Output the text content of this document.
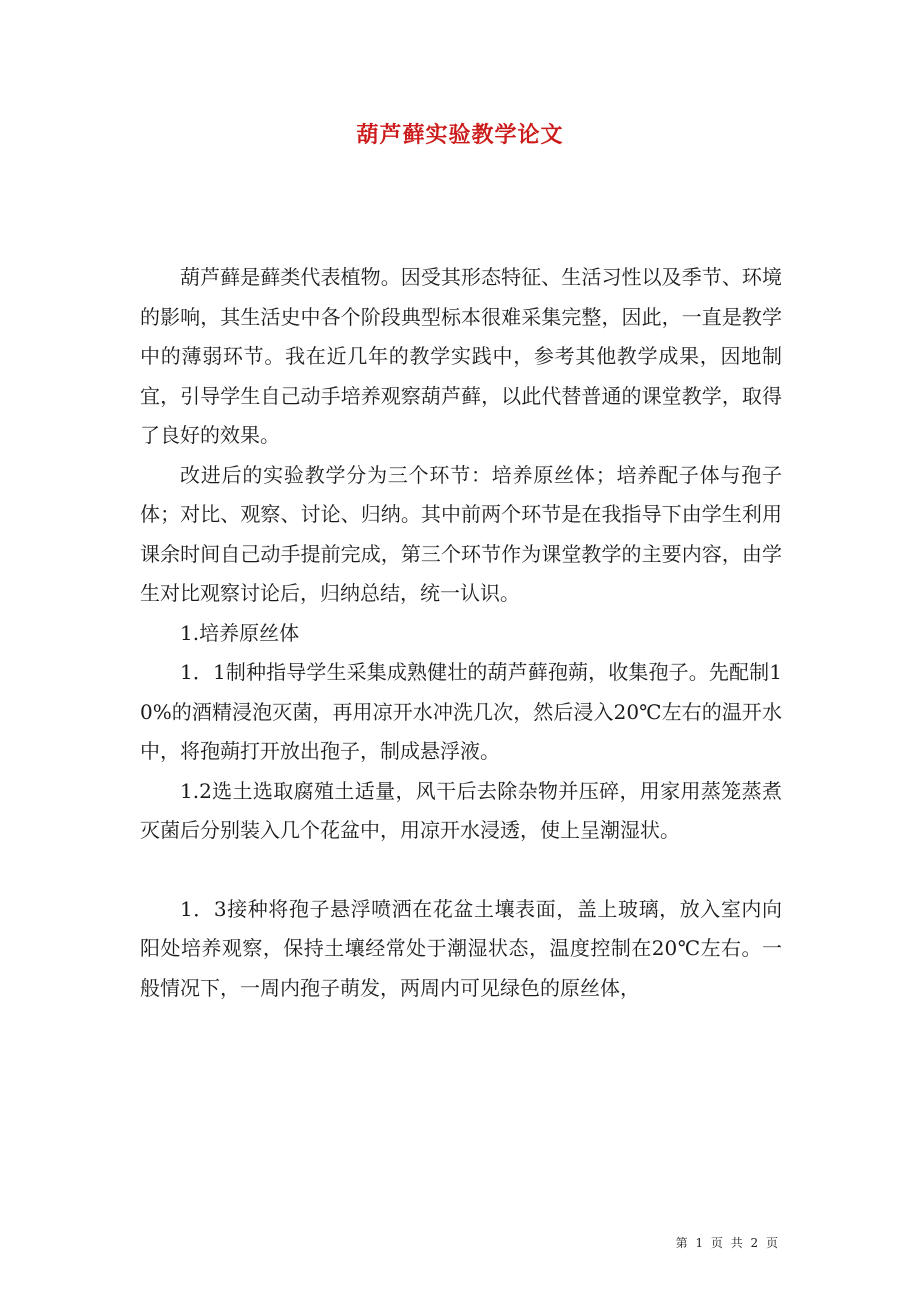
葫芦藓实验教学论文

葫芦藓是藓类代表植物。因受其形态特征、生活习性以及季节、环境的影响，其生活史中各个阶段典型标本很难采集完整，因此，一直是教学中的薄弱环节。我在近几年的教学实践中，参考其他教学成果，因地制宜，引导学生自己动手培养观察葫芦藓，以此代替普通的课堂教学，取得了良好的效果。

改进后的实验教学分为三个环节：培养原丝体；培养配子体与孢子体；对比、观察、讨论、归纳。其中前两个环节是在我指导下由学生利用课余时间自己动手提前完成，第三个环节作为课堂教学的主要内容，由学生对比观察讨论后，归纳总结，统一认识。

1.培养原丝体

1．1制种指导学生采集成熟健壮的葫芦藓孢蒴，收集孢子。先配制10%的酒精浸泡灭菌，再用凉开水冲洗几次，然后浸入20℃左右的温开水中，将孢蒴打开放出孢子，制成悬浮液。

1.2选土选取腐殖土适量，风干后去除杂物并压碎，用家用蒸笼蒸煮灭菌后分别装入几个花盆中，用凉开水浸透，使上呈潮湿状。

1．3接种将孢子悬浮喷洒在花盆土壤表面，盖上玻璃，放入室内向阳处培养观察，保持土壤经常处于潮湿状态，温度控制在20℃左右。一般情况下，一周内孢子萌发，两周内可见绿色的原丝体，

第 1 页 共 2 页
